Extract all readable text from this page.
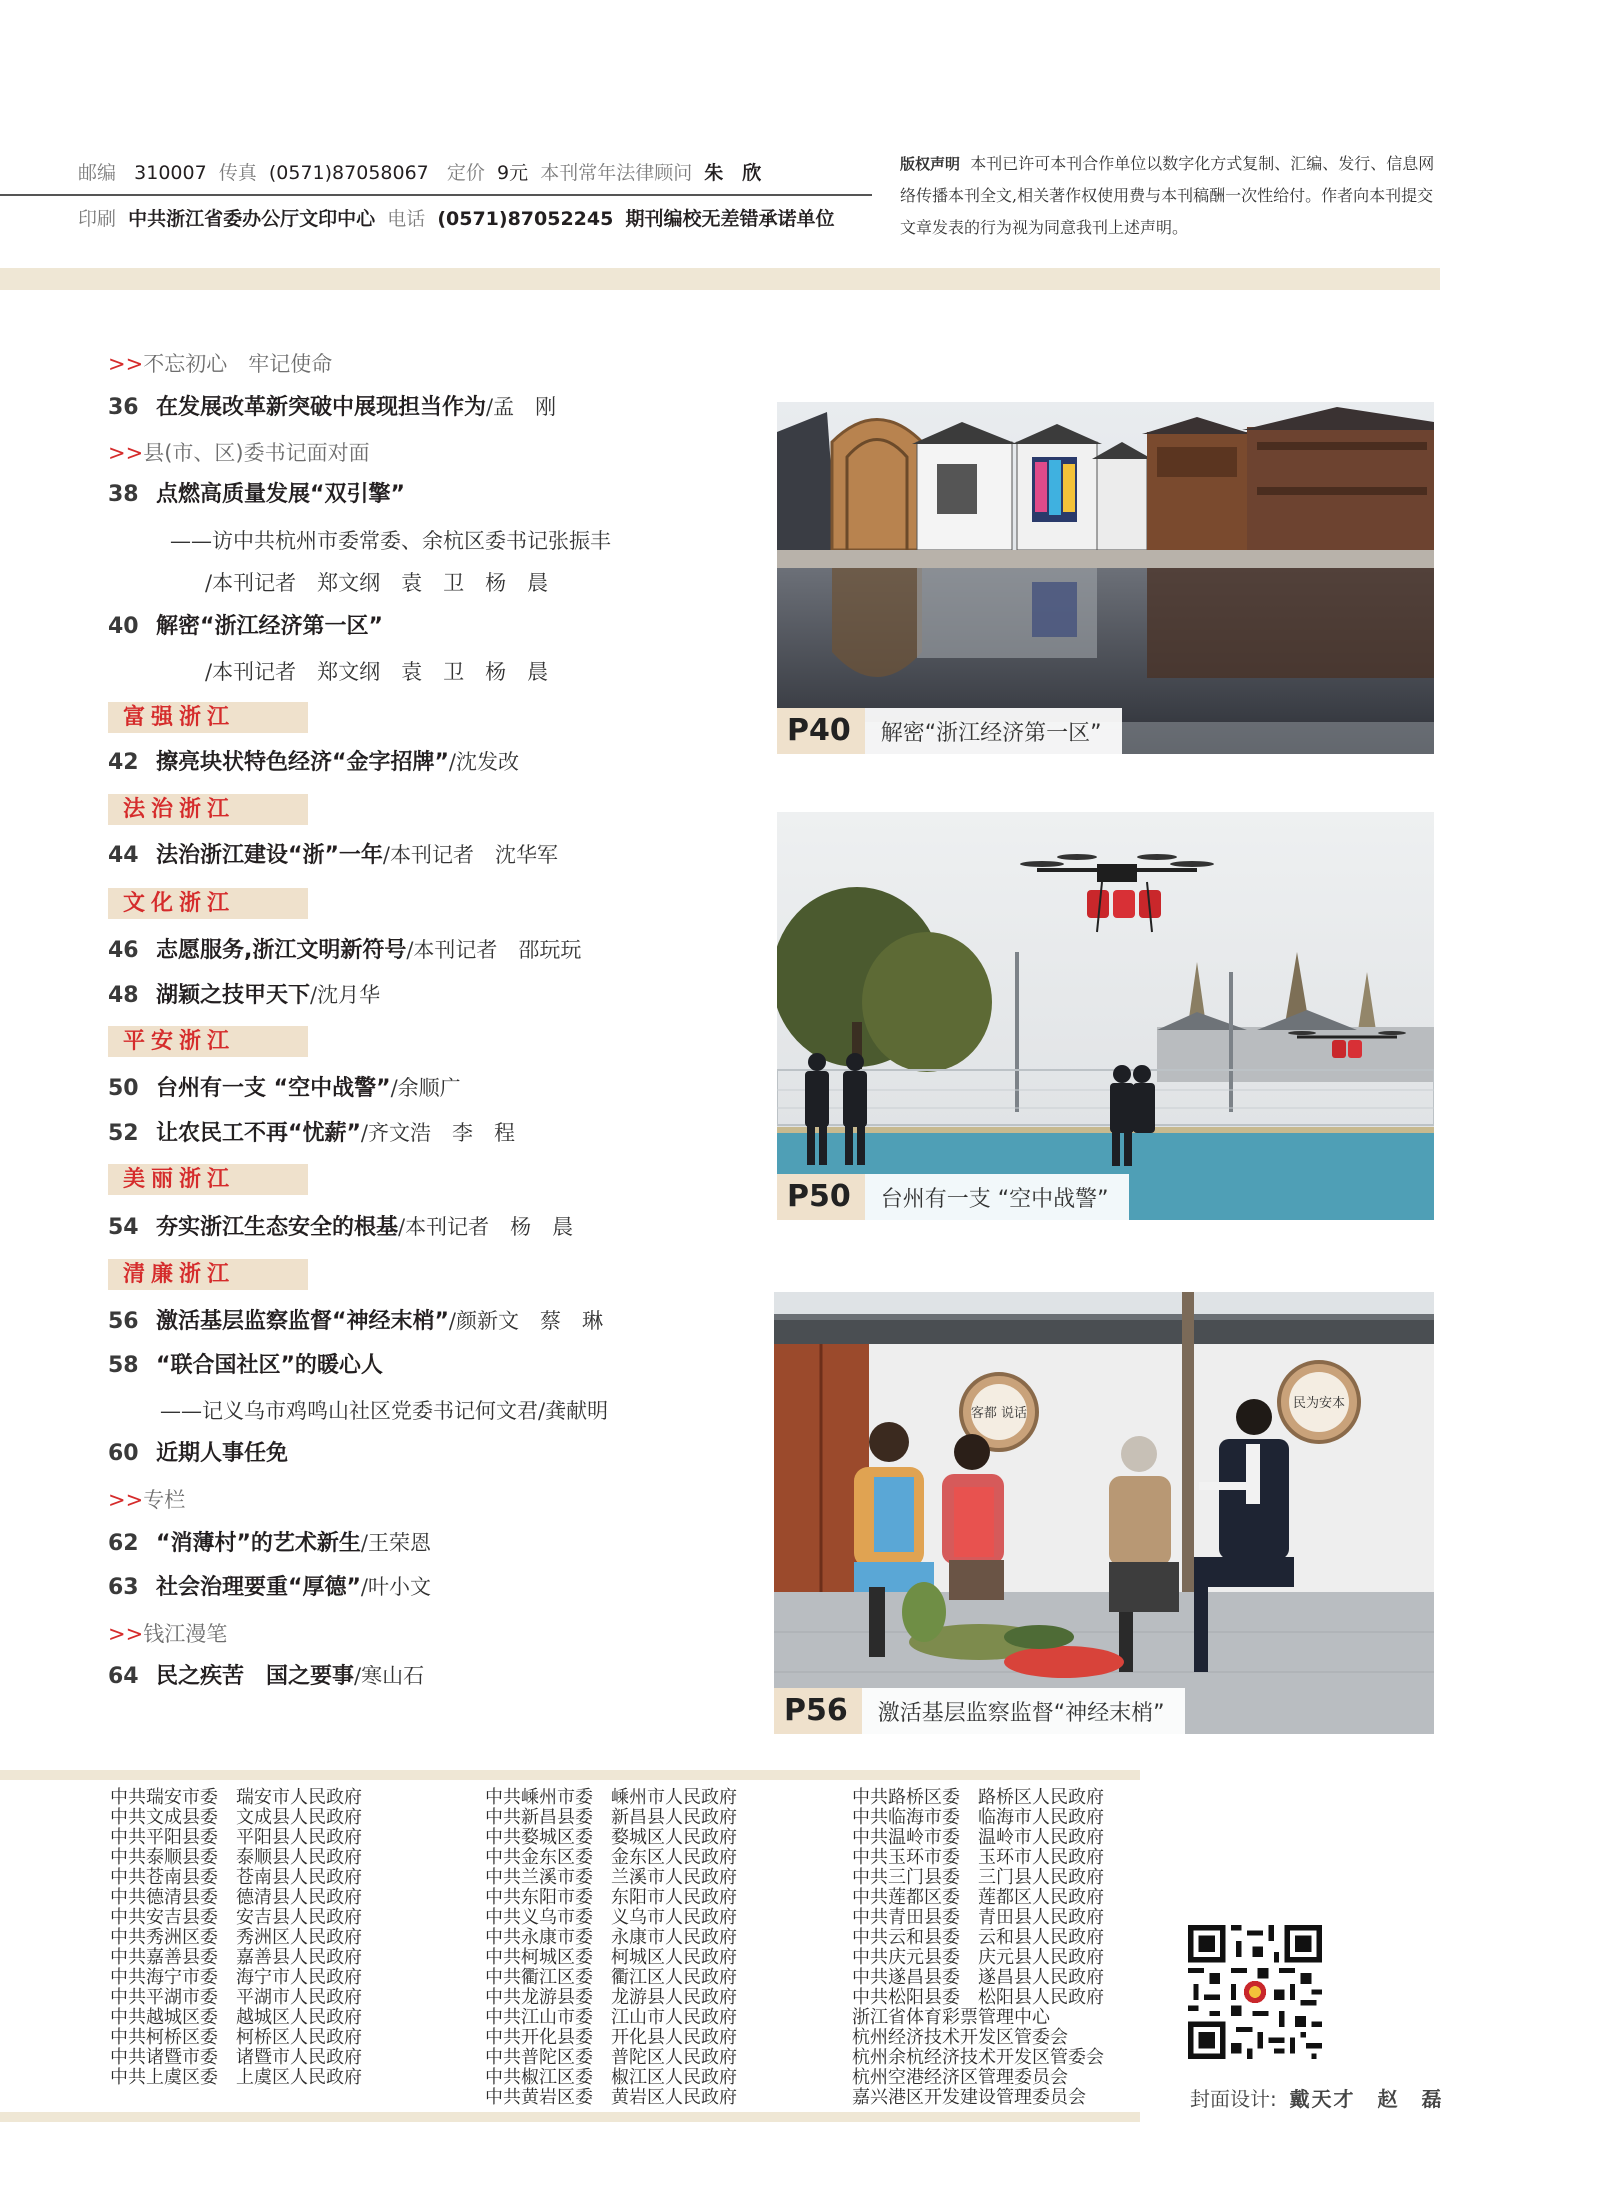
邮编 310007 传真 (0571)87058067 定价 9元 本刊常年法律顾问 朱　欣
印刷 中共浙江省委办公厅文印中心 电话 (0571)87052245 期刊编校无差错承诺单位
版权声明 本刊已许可本刊合作单位以数字化方式复制、汇编、发行、信息网络传播本刊全文,相关著作权使用费与本刊稿酬一次性给付。作者向本刊提交文章发表的行为视为同意我刊上述声明。
>>不忘初心　牢记使命
36 在发展改革新突破中展现担当作为/孟　刚
>>县(市、区)委书记面对面
38 点燃高质量发展“双引擎”
——访中共杭州市委常委、余杭区委书记张振丰
/本刊记者　郑文纲　袁　卫　杨　晨
40 解密“浙江经济第一区”
/本刊记者　郑文纲　袁　卫　杨　晨
富强浙江
42 擦亮块状特色经济“金字招牌”/沈发改
法治浙江
44 法治浙江建设“浙”一年/本刊记者　沈华军
文化浙江
46 志愿服务,浙江文明新符号/本刊记者　邵玩玩
48 湖颖之技甲天下/沈月华
平安浙江
50 台州有一支 “空中战警”/余顺广
52 让农民工不再“忧薪”/齐文浩　李　程
美丽浙江
54 夯实浙江生态安全的根基/本刊记者　杨　晨
清廉浙江
56 激活基层监察监督“神经末梢”/颜新文　蔡　琳
58 “联合国社区”的暖心人
——记义乌市鸡鸣山社区党委书记何文君/龚献明
60 近期人事任免
>>专栏
62 “消薄村”的艺术新生/王荣恩
63 社会治理要重“厚德”/叶小文
>>钱江漫笔
64 民之疾苦　国之要事/寒山石
P40	解密“浙江经济第一区”
P50	台州有一支 “空中战警”
客都 说话
民为安本
P56	激活基层监察监督“神经末梢”
中共瑞安市委　瑞安市人民政府
中共文成县委　文成县人民政府
中共平阳县委　平阳县人民政府
中共泰顺县委　泰顺县人民政府
中共苍南县委　苍南县人民政府
中共德清县委　德清县人民政府
中共安吉县委　安吉县人民政府
中共秀洲区委　秀洲区人民政府
中共嘉善县委　嘉善县人民政府
中共海宁市委　海宁市人民政府
中共平湖市委　平湖市人民政府
中共越城区委　越城区人民政府
中共柯桥区委　柯桥区人民政府
中共诸暨市委　诸暨市人民政府
中共上虞区委　上虞区人民政府
中共嵊州市委　嵊州市人民政府
中共新昌县委　新昌县人民政府
中共婺城区委　婺城区人民政府
中共金东区委　金东区人民政府
中共兰溪市委　兰溪市人民政府
中共东阳市委　东阳市人民政府
中共义乌市委　义乌市人民政府
中共永康市委　永康市人民政府
中共柯城区委　柯城区人民政府
中共衢江区委　衢江区人民政府
中共龙游县委　龙游县人民政府
中共江山市委　江山市人民政府
中共开化县委　开化县人民政府
中共普陀区委　普陀区人民政府
中共椒江区委　椒江区人民政府
中共黄岩区委　黄岩区人民政府
中共路桥区委　路桥区人民政府
中共临海市委　临海市人民政府
中共温岭市委　温岭市人民政府
中共玉环市委　玉环市人民政府
中共三门县委　三门县人民政府
中共莲都区委　莲都区人民政府
中共青田县委　青田县人民政府
中共云和县委　云和县人民政府
中共庆元县委　庆元县人民政府
中共遂昌县委　遂昌县人民政府
中共松阳县委　松阳县人民政府
浙江省体育彩票管理中心
杭州经济技术开发区管委会
杭州余杭经济技术开发区管委会
杭州空港经济区管理委员会
嘉兴港区开发建设管理委员会	封面设计: 戴天才　赵　磊
